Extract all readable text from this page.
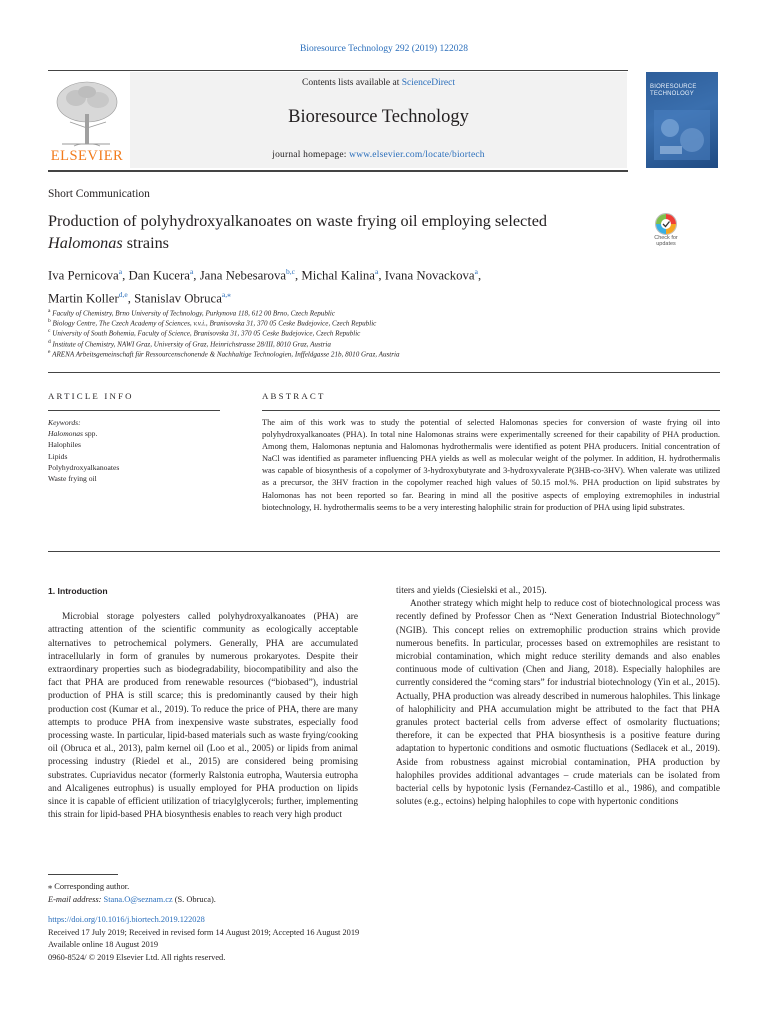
Bioresource Technology 292 (2019) 122028
ELSEVIER
Contents lists available at ScienceDirect
Bioresource Technology
journal homepage: www.elsevier.com/locate/biortech
BIORESOURCE TECHNOLOGY
Short Communication
Production of polyhydroxyalkanoates on waste frying oil employing selected
Halomonas strains	Check for updates
Iva Pernicova$^a$, Dan Kucera$^a$, Jana Nebesarova$^{b,c}$, Michal Kalina$^a$, Ivana Novackova$^a$,
Martin Koller$^{d,e}$, Stanislav Obruca$^{a,⁎}$
$^a$ Faculty of Chemistry, Brno University of Technology, Purkynova 118, 612 00 Brno, Czech Republic
$^b$ Biology Centre, The Czech Academy of Sciences, v.v.i., Branisovska 31, 370 05 Ceske Budejovice, Czech Republic
$^c$ University of South Bohemia, Faculty of Science, Branisovska 31, 370 05 Ceske Budejovice, Czech Republic
$^d$ Institute of Chemistry, NAWI Graz, University of Graz, Heinrichstrasse 28/III, 8010 Graz, Austria
$^e$ ARENA Arbeitsgemeinschaft für Ressourcenschonende & Nachhaltige Technologien, Inffeldgasse 21b, 8010 Graz, Austria
ARTICLE INFO	ABSTRACT
Keywords:
Halomonas spp.
Halophiles
Lipids
Polyhydroxyalkanoates
Waste frying oil
The aim of this work was to study the potential of selected Halomonas species for conversion of waste frying oil into polyhydroxyalkanoates (PHA). In total nine Halomonas strains were experimentally screened for their capability of PHA production. Among them, Halomonas neptunia and Halomonas hydrothermalis were identified as potent PHA producers. Initial concentration of NaCl was identified as parameter influencing PHA yields as well as molecular weight of the polymer. In addition, H. hydrothermalis was capable of biosynthesis of a copolymer of 3-hydroxybutyrate and 3-hydroxyvalerate P(3HB-co-3HV). When valerate was utilized as a precursor, the 3HV fraction in the copolymer reached high values of 50.15 mol.%. PHA production on lipid substrates by Halomonas has not been reported so far. Bearing in mind all the positive aspects of employing extremophiles in industrial biotechnology, H. hydrothermalis seems to be a very interesting halophilic strain for production of PHA using lipid substrates.

1. Introduction

Microbial storage polyesters called polyhydroxyalkanoates (PHA) are attracting attention of the scientific community as ecologically acceptable alternatives to petrochemical polymers. Generally, PHA are accumulated intracellularly in form of granules by numerous prokaryotes. Despite their extraordinary properties such as biodegradability, biocompatibility and also the fact that PHA are produced from renewable resources (“biobased”), industrial production of PHA is still scarce; this is predominantly caused by their high production cost (Kumar et al., 2019). To reduce the price of PHA, there are many attempts to produce PHA from inexpensive waste substrates, especially food processing waste. In particular, lipid-based materials such as waste frying/cooking oil (Obruca et al., 2013), palm kernel oil (Loo et al., 2005) or lipids from animal processing industry (Riedel et al., 2015) are considered being promising substrates. Cupriavidus necator (formerly Ralstonia eutropha, Wautersia eutropha and Alcaligenes eutrophus) is usually employed for PHA production on lipids since it is capable of efficient utilization of triacylglycerols; further, implementing this strain for lipid-based PHA biosynthesis enables to reach very high product

titers and yields (Ciesielski et al., 2015).

Another strategy which might help to reduce cost of biotechnological process was recently defined by Professor Chen as “Next Generation Industrial Biotechnology” (NGIB). This concept relies on extremophilic production strains which provide numerous benefits. In particular, processes based on extremophiles are resistant to microbial contamination, which might reduce sterility demands and also enables continuous mode of cultivation (Chen and Jiang, 2018). Especially halophiles are currently considered the “coming stars” for industrial biotechnology (Yin et al., 2015). Actually, PHA production was already described in numerous halophiles. This linkage of halophilicity and PHA accumulation might be attributed to the fact that PHA granules protect bacterial cells from adverse effect of osmolarity fluctuations; therefore, it can be expected that PHA biosynthesis is a positive feature during adaptation to hypertonic conditions and osmotic fluctuations (Sedlacek et al., 2019). Aside from robustness against microbial contamination, PHA production by halophiles provides additional advantages – crude materials can be isolated from bacterial cells by hypotonic lysis (Fernandez-Castillo et al., 1986), and compatible solutes (e.g., ectoins) helping halophiles to cope with hypertonic conditions

⁎ Corresponding author.
E-mail address: Stana.O@seznam.cz (S. Obruca).
https://doi.org/10.1016/j.biortech.2019.122028
Received 17 July 2019; Received in revised form 14 August 2019; Accepted 16 August 2019
Available online 18 August 2019
0960-8524/ © 2019 Elsevier Ltd. All rights reserved.
